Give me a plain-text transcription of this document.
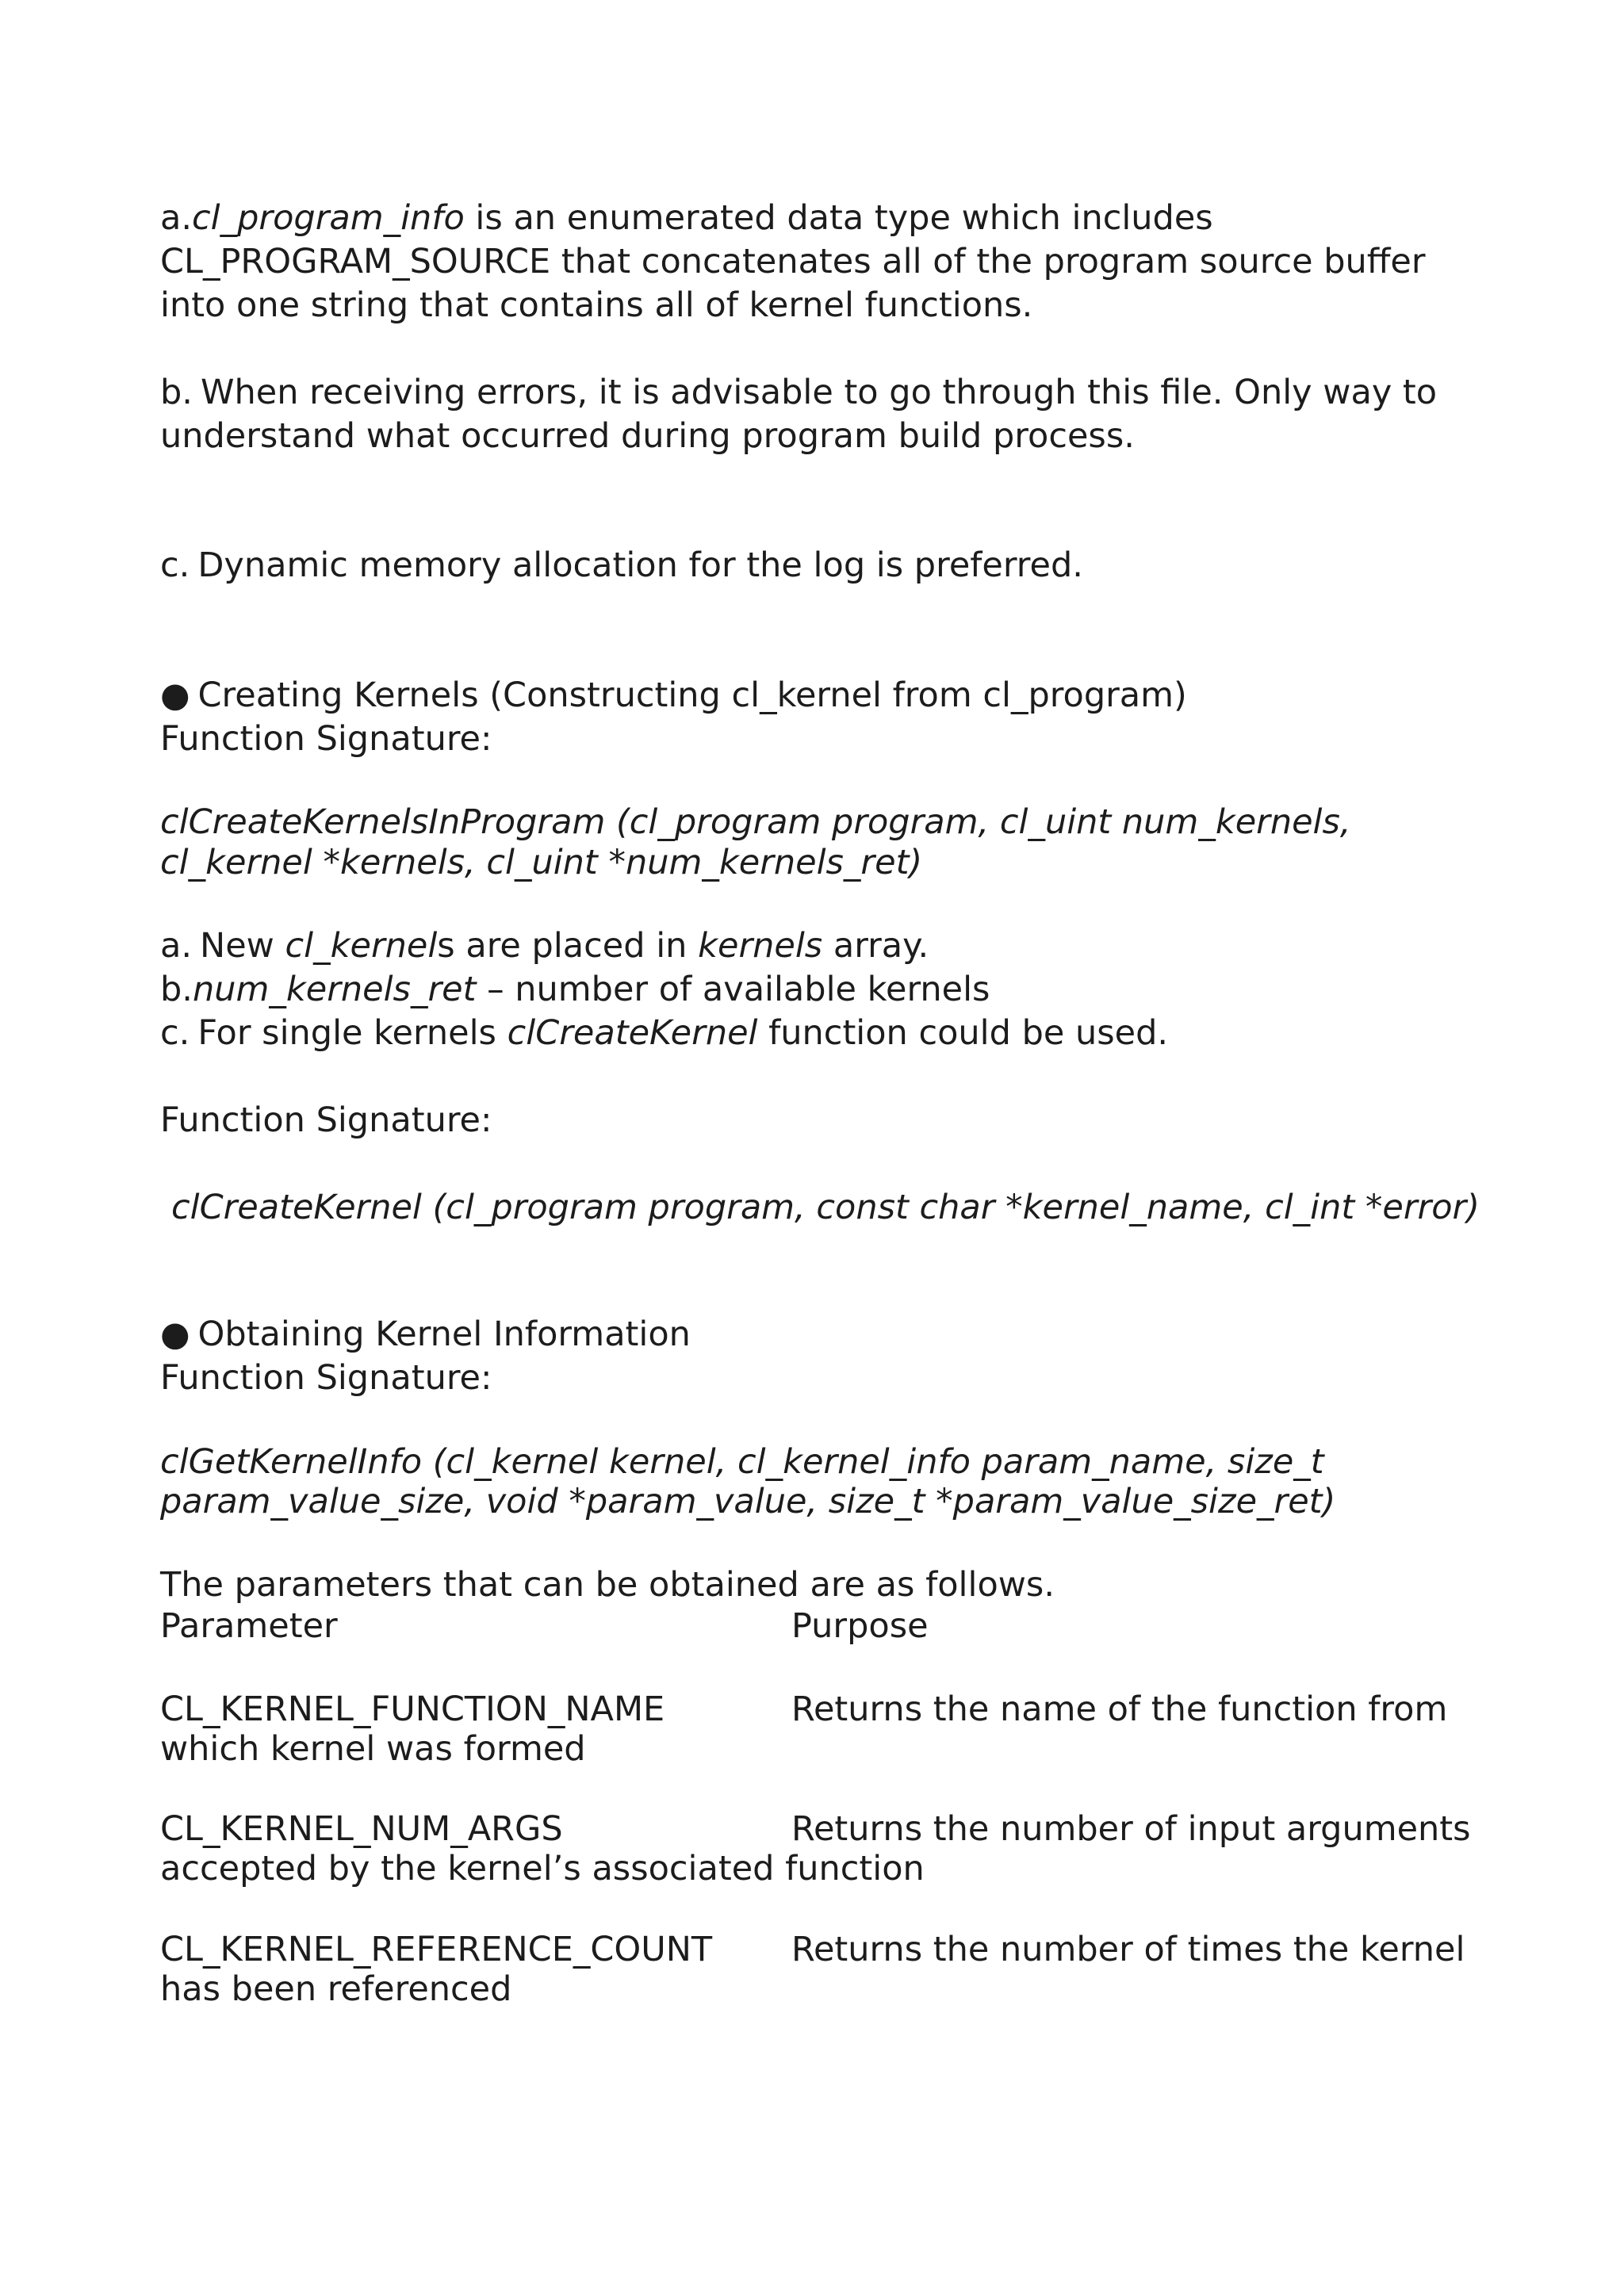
a.cl_program_info is an enumerated data type which includes
CL_PROGRAM_SOURCE that concatenates all of the program source buffer
into one string that contains all of kernel functions.
b. When receiving errors, it is advisable to go through this file. Only way to
understand what occurred during program build process.
c. Dynamic memory allocation for the log is preferred.
● Creating Kernels (Constructing cl_kernel from cl_program)
Function Signature:
clCreateKernelsInProgram (cl_program program, cl_uint num_kernels,
cl_kernel *kernels, cl_uint *num_kernels_ret)
a. New cl_kernels are placed in kernels array.
b.num_kernels_ret – number of available kernels
c. For single kernels clCreateKernel function could be used.
Function Signature:
clCreateKernel (cl_program program, const char *kernel_name, cl_int *error)
● Obtaining Kernel Information
Function Signature:
clGetKernelInfo (cl_kernel kernel, cl_kernel_info param_name, size_t
param_value_size, void *param_value, size_t *param_value_size_ret)
The parameters that can be obtained are as follows.
Parameter	Purpose
CL_KERNEL_FUNCTION_NAME	Returns the name of the function from
which kernel was formed
CL_KERNEL_NUM_ARGS	Returns the number of input arguments
accepted by the kernel’s associated function
CL_KERNEL_REFERENCE_COUNT Returns the number of times the kernel
has been referenced
